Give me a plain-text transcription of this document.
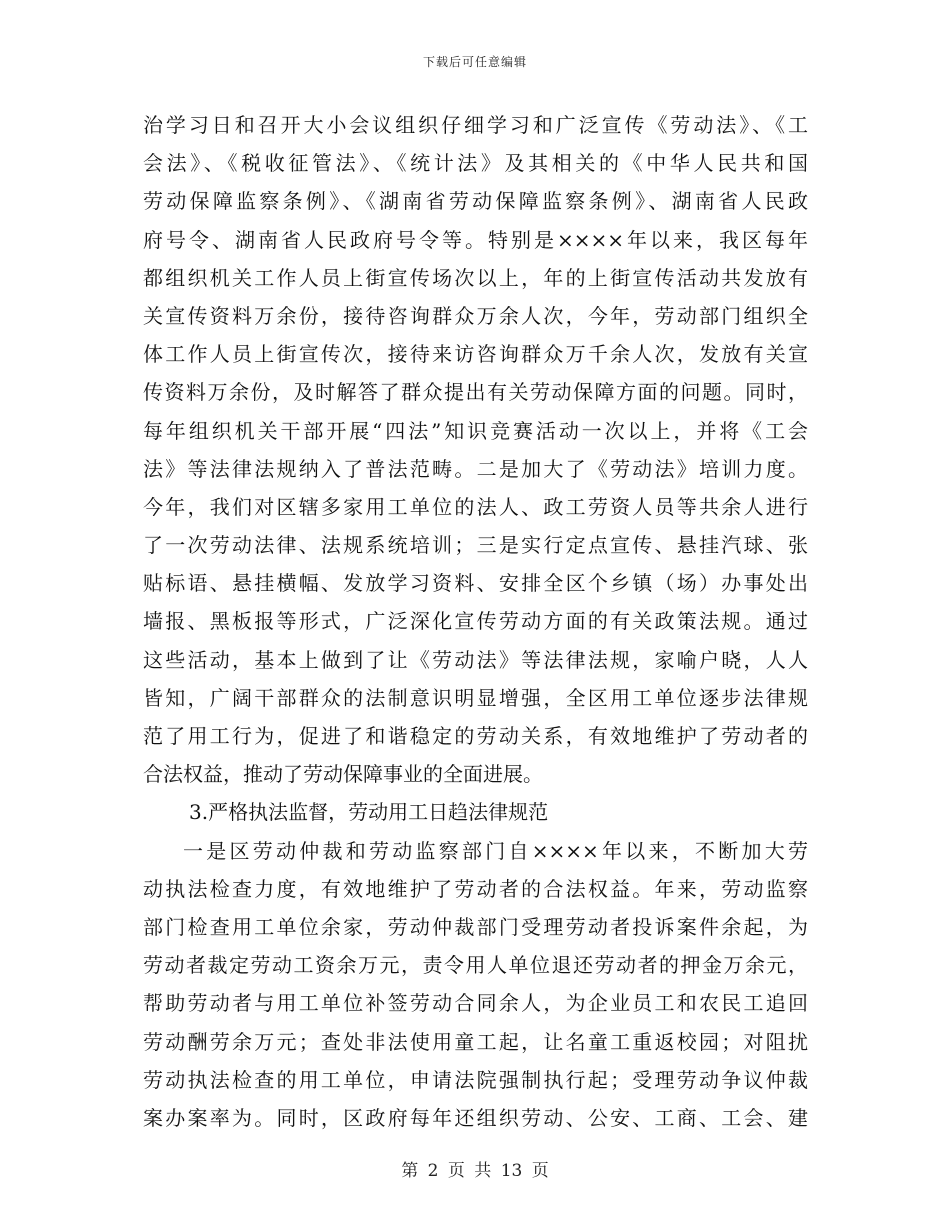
下载后可任意编辑
治学习日和召开大小会议组织仔细学习和广泛宣传《劳动法》、《工
会法》、《税收征管法》、《统计法》及其相关的《中华人民共和国
劳动保障监察条例》、《湖南省劳动保障监察条例》、湖南省人民政
府号令、湖南省人民政府号令等。特别是××××年以来，我区每年
都组织机关工作人员上街宣传场次以上，年的上街宣传活动共发放有
关宣传资料万余份，接待咨询群众万余人次，今年，劳动部门组织全
体工作人员上街宣传次，接待来访咨询群众万千余人次，发放有关宣
传资料万余份，及时解答了群众提出有关劳动保障方面的问题。同时，
每年组织机关干部开展“四法”知识竞赛活动一次以上，并将《工会
法》等法律法规纳入了普法范畴。二是加大了《劳动法》培训力度。
今年，我们对区辖多家用工单位的法人、政工劳资人员等共余人进行
了一次劳动法律、法规系统培训；三是实行定点宣传、悬挂汽球、张
贴标语、悬挂横幅、发放学习资料、安排全区个乡镇（场）办事处出
墙报、黑板报等形式，广泛深化宣传劳动方面的有关政策法规。通过
这些活动，基本上做到了让《劳动法》等法律法规，家喻户晓，人人
皆知，广阔干部群众的法制意识明显增强，全区用工单位逐步法律规
范了用工行为，促进了和谐稳定的劳动关系，有效地维护了劳动者的
合法权益，推动了劳动保障事业的全面进展。
3.严格执法监督，劳动用工日趋法律规范
一是区劳动仲裁和劳动监察部门自××××年以来，不断加大劳
动执法检查力度，有效地维护了劳动者的合法权益。年来，劳动监察
部门检查用工单位余家，劳动仲裁部门受理劳动者投诉案件余起，为
劳动者裁定劳动工资余万元，责令用人单位退还劳动者的押金万余元，
帮助劳动者与用工单位补签劳动合同余人，为企业员工和农民工追回
劳动酬劳余万元；查处非法使用童工起，让名童工重返校园；对阻扰
劳动执法检查的用工单位，申请法院强制执行起；受理劳动争议仲裁
案办案率为。同时，区政府每年还组织劳动、公安、工商、工会、建
第 2 页 共 13 页
